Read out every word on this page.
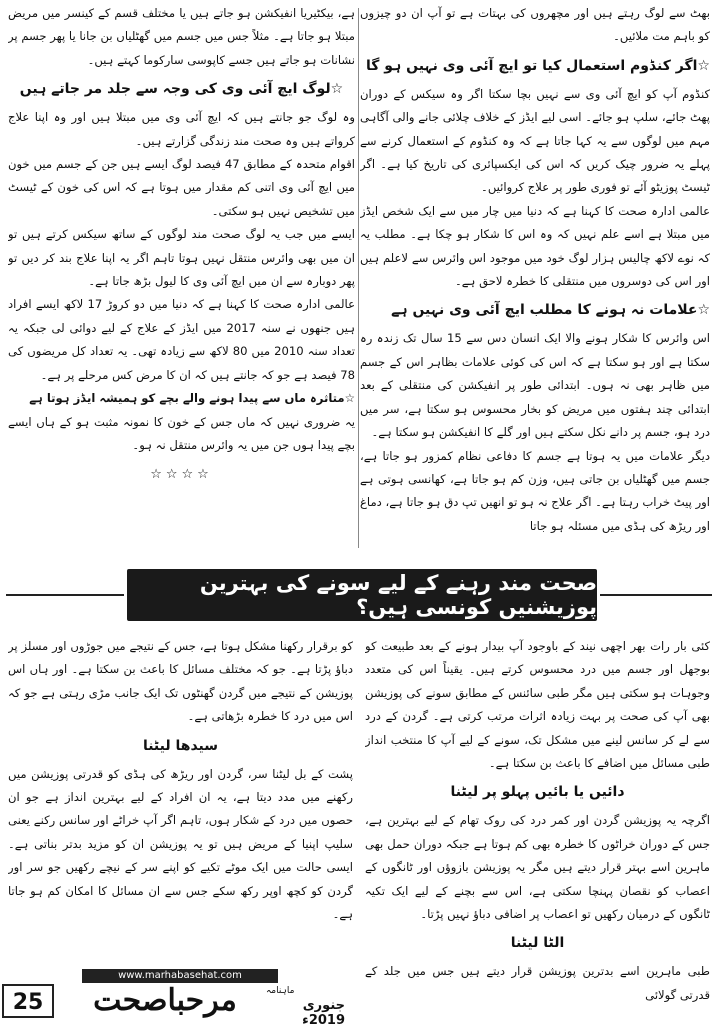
بھٹ سے لوگ رہتے ہیں اور مچھروں کی بہتات ہے تو آپ ان دو چیزوں کو باہم مت ملائیں۔

☆اگر کنڈوم استعمال کیا تو ایچ آئی وی نہیں ہو گا

کنڈوم آپ کو ایچ آئی وی سے نہیں بچا سکتا اگر وہ سیکس کے دوران پھٹ جائے، سلپ ہو جائے۔ اسی لیے ایڈز کے خلاف چلائی جانے والی آگاہی مہم میں لوگوں سے یہ کہا جاتا ہے کہ وہ کنڈوم کے استعمال کرنے سے پہلے یہ ضرور چیک کریں کہ اس کی ایکسپائری کی تاریخ کیا ہے۔ اگر ٹیسٹ پوزیٹو آئے تو فوری طور پر علاج کروائیں۔

عالمی ادارہ صحت کا کہنا ہے کہ دنیا میں چار میں سے ایک شخص ایڈز میں مبتلا ہے اسے علم نہیں کہ وہ اس کا شکار ہو چکا ہے۔ مطلب یہ کہ نوے لاکھ چالیس ہزار لوگ خود میں موجود اس وائرس سے لاعلم ہیں اور اس کی دوسروں میں منتقلی کا خطرہ لاحق ہے۔

☆علامات نہ ہونے کا مطلب ایچ آئی وی نہیں ہے

اس وائرس کا شکار ہونے والا ایک انسان دس سے 15 سال تک زندہ رہ سکتا ہے اور ہو سکتا ہے کہ اس کی کوئی علامات بظاہر اس کے جسم میں ظاہر بھی نہ ہوں۔ ابتدائی طور پر انفیکشن کی منتقلی کے بعد ابتدائی چند ہفتوں میں مریض کو بخار محسوس ہو سکتا ہے، سر میں درد ہو، جسم پر دانے نکل سکتے ہیں اور گلے کا انفیکشن ہو سکتا ہے۔

دیگر علامات میں یہ ہوتا ہے جسم کا دفاعی نظام کمزور ہو جاتا ہے، جسم میں گھٹلیاں بن جاتی ہیں، وزن کم ہو جاتا ہے، کھانسی ہوتی ہے اور پیٹ خراب رہتا ہے۔ اگر علاج نہ ہو تو انھیں تپ دق ہو جاتا ہے، دماغ اور ریڑھ کی ہڈی میں مسئلہ ہو جاتا

ہے، بیکٹیریا انفیکشن ہو جاتے ہیں یا مختلف قسم کے کینسر میں مریض مبتلا ہو جاتا ہے۔ مثلاً جس میں جسم میں گھٹلیاں بن جانا یا پھر جسم پر نشانات ہو جاتے ہیں جسے کاپوسی سارکوما کہتے ہیں۔

☆لوگ ایچ آئی وی کی وجہ سے جلد مر جاتے ہیں

وہ لوگ جو جانتے ہیں کہ ایچ آئی وی میں مبتلا ہیں اور وہ اپنا علاج کرواتے ہیں وہ صحت مند زندگی گزارتے ہیں۔

اقوام متحدہ کے مطابق 47 فیصد لوگ ایسے ہیں جن کے جسم میں خون میں ایچ آئی وی اتنی کم مقدار میں ہوتا ہے کہ اس کی خون کے ٹیسٹ میں تشخیص نہیں ہو سکتی۔

ایسے میں جب یہ لوگ صحت مند لوگوں کے ساتھ سیکس کرتے ہیں تو ان میں بھی وائرس منتقل نہیں ہوتا تاہم اگر یہ اپنا علاج بند کر دیں تو پھر دوبارہ سے ان میں ایچ آئی وی کا لیول بڑھ جاتا ہے۔

عالمی ادارہ صحت کا کہنا ہے کہ دنیا میں دو کروڑ 17 لاکھ ایسے افراد ہیں جنھوں نے سنہ 2017 میں ایڈز کے علاج کے لیے دوائی لی جبکہ یہ تعداد سنہ 2010 میں 80 لاکھ سے زیادہ تھی۔ یہ تعداد کل مریضوں کی 78 فیصد ہے جو کہ جانتے ہیں کہ ان کا مرض کس مرحلے پر ہے۔

☆متاثرہ ماں سے پیدا ہونے والے بچے کو ہمیشہ ایڈز ہوتا ہے

یہ ضروری نہیں کہ ماں جس کے خون کا نمونہ مثبت ہو کے ہاں ایسے بچے پیدا ہوں جن میں یہ وائرس منتقل نہ ہو۔

☆☆☆☆
صحت مند رہنے کے لیے سونے کی بہترین پوزیشنیں کونسی ہیں؟

کئی بار رات بھر اچھی نیند کے باوجود آپ بیدار ہونے کے بعد طبیعت کو بوجھل اور جسم میں درد محسوس کرتے ہیں۔ یقیناً اس کی متعدد وجوہات ہو سکتی ہیں مگر طبی سائنس کے مطابق سونے کی پوزیشن بھی آپ کی صحت پر بہت زیادہ اثرات مرتب کرتی ہے۔ گردن کے درد سے لے کر سانس لینے میں مشکل تک، سونے کے لیے آپ کا منتخب انداز طبی مسائل میں اضافے کا باعث بن سکتا ہے۔

دائیں یا بائیں پہلو پر لیٹنا

اگرچہ یہ پوزیشن گردن اور کمر درد کی روک تھام کے لیے بہترین ہے، جس کے دوران خراٹوں کا خطرہ بھی کم ہوتا ہے جبکہ دوران حمل بھی ماہرین اسے بہتر قرار دیتے ہیں مگر یہ پوزیشن بازوؤں اور ٹانگوں کے اعصاب کو نقصان پہنچا سکتی ہے، اس سے بچنے کے لیے ایک تکیہ ٹانگوں کے درمیان رکھیں تو اعصاب پر اضافی دباؤ نہیں پڑتا۔

الٹا لیٹنا

طبی ماہرین اسے بدترین پوزیشن قرار دیتے ہیں جس میں جلد کے قدرتی گولائی

کو برقرار رکھنا مشکل ہوتا ہے، جس کے نتیجے میں جوڑوں اور مسلز پر دباؤ پڑتا ہے۔ جو کہ مختلف مسائل کا باعث بن سکتا ہے۔ اور ہاں اس پوزیشن کے نتیجے میں گردن گھنٹوں تک ایک جانب مڑی رہتی ہے جو کہ اس میں درد کا خطرہ بڑھاتی ہے۔

سیدھا لیٹنا

پشت کے بل لیٹنا سر، گردن اور ریڑھ کی ہڈی کو قدرتی پوزیشن میں رکھنے میں مدد دیتا ہے، یہ ان افراد کے لیے بہترین انداز ہے جو ان حصوں میں درد کے شکار ہوں، تاہم اگر آپ خراٹے اور سانس رکنے یعنی سلیپ اپنیا کے مریض ہیں تو یہ پوزیشن ان کو مزید بدتر بناتی ہے۔ ایسی حالت میں ایک موٹے تکیے کو اپنے سر کے نیچے رکھیں جو سر اور گردن کو کچھ اوپر رکھ سکے جس سے ان مسائل کا امکان کم ہو جاتا ہے۔

www.marhabasehat.com
مرحباصحت	ماہنامہ
جنوری 2019ء
25
